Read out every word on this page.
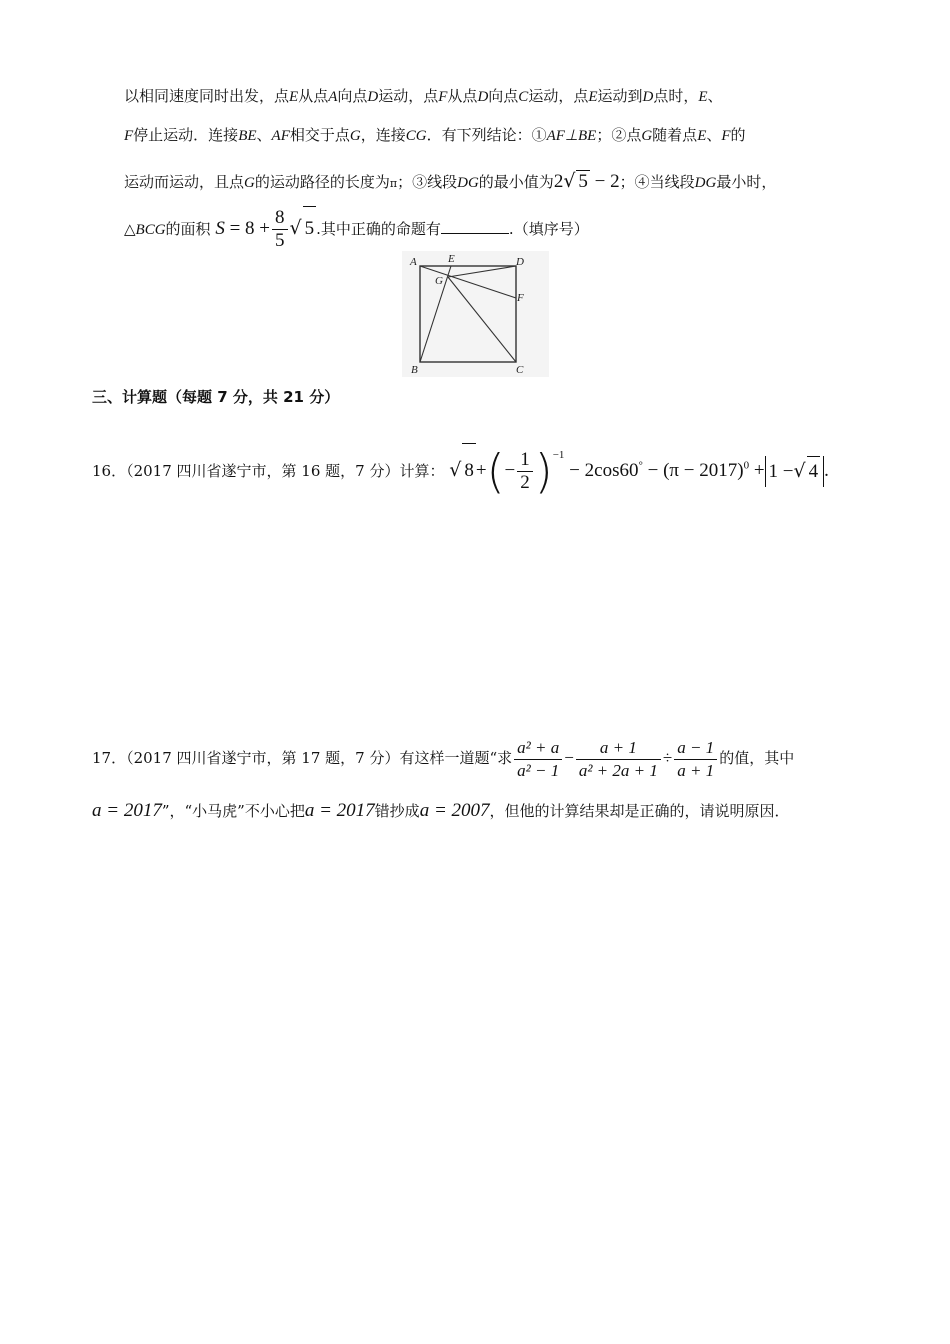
以相同速度同时出发，点E从点A向点D运动，点F从点D向点C运动，点E运动到D点时，E、
F停止运动．连接BE、AF相交于点G，连接CG．有下列结论：①AF⊥BE；②点G随着点E、F的
运动而运动，且点G的运动路径的长度为π；③线段DG的最小值为2√ 5 − 2；④当线段DG最小时，
△BCG的面积 $S = 8 + \frac{8}{5}$ √ 5 .其中正确的命题有	.（填序号）
A	E	D
G
F
B	C
三、计算题（每题 7 分，共 21 分）
16．（2017 四川省遂宁市，第 16 题，7 分）计算： √ 8 +(− $\frac{1}{2} )^{-1} - 2\cos 60^\circ - (\pi - 2017)^0 + 1$ −√ 4 .
17．（2017 四川省遂宁市，第 17 题，7 分）有这样一道题“求 $\frac{\text{a² + a}}{\text{a² − 1}} - \frac{a + 1}{\text{a² + 2a + 1}} \div \frac{a - 1}{a + 1}$ 的值，其中
a = 2017”，“小马虎”不小心把a = 2017错抄成a = 2007，但他的计算结果却是正确的，请说明原因．
